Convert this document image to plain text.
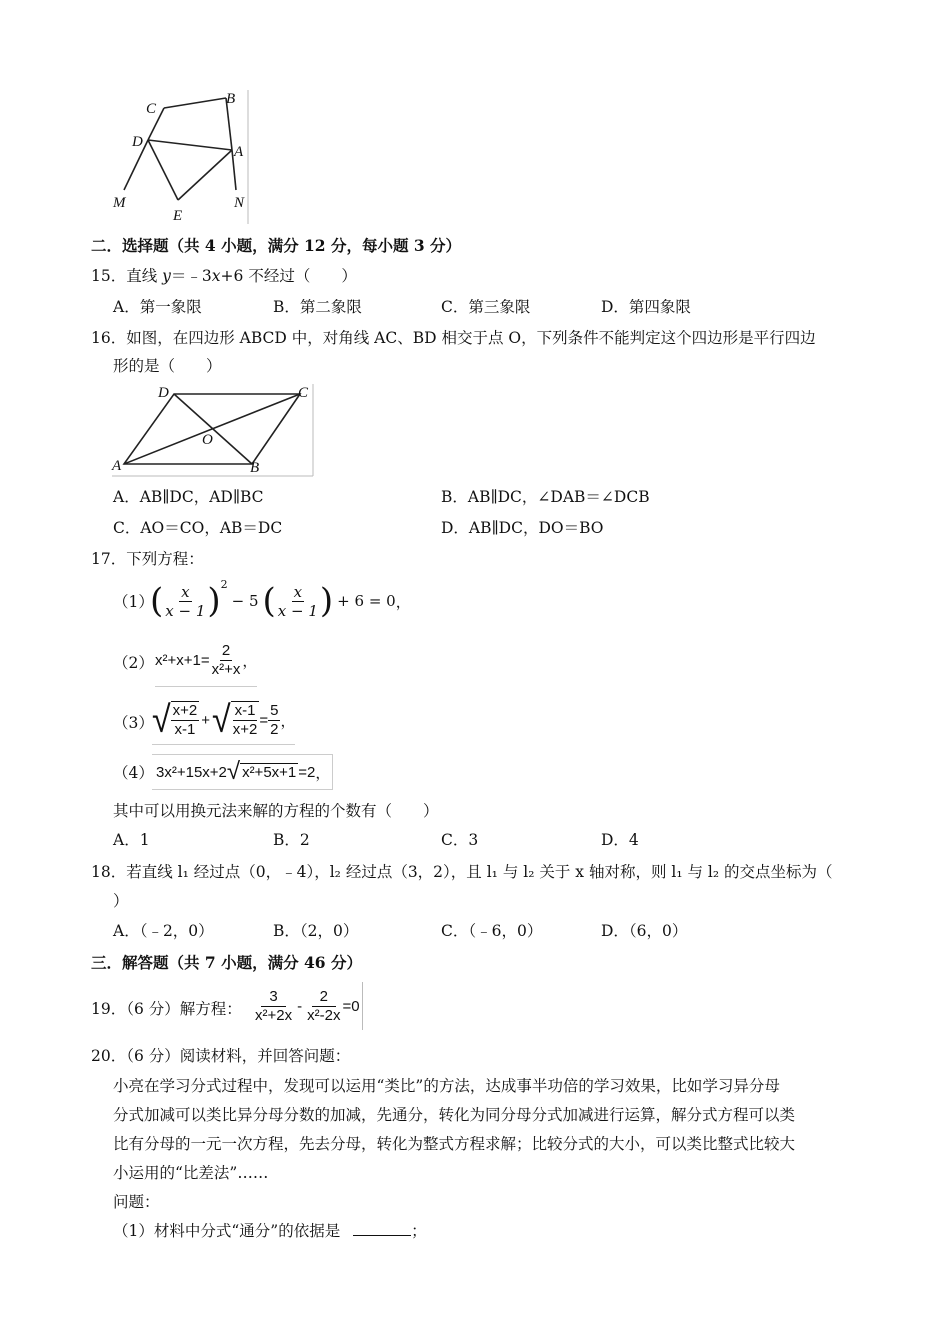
C
B
D
A
M
E
N
二．选择题（共 4 小题，满分 12 分，每小题 3 分）
15．直线 y＝﹣3x+6 不经过（　　）
A．第一象限	B．第二象限	C．第三象限	D．第四象限
16．如图，在四边形 ABCD 中，对角线 AC、BD 相交于点 O，下列条件不能判定这个四边形是平行四边
形的是（　　）
D	C
O
A	B
A．AB∥DC，AD∥BC	B．AB∥DC，∠DAB＝∠DCB
C．AO＝CO，AB＝DC	D．AB∥DC，DO＝BO
17．下列方程：
（1）
( $\frac{x}{x - 1}$ ) 2
− 5 ( $\frac{x}{x - 1}$ ) + 6 = 0 ，
（2） $x^2+x+1= \frac{2}{\text{x²+x}}$ ，
（3）
√ $\frac{x+2}{x-1}$ + √ $\frac{x-1}{x+2} = \frac{5}{2}$ ，
（4） 3x²+15x+2 √ x²+5x+1 =2 ，
其中可以用换元法来解的方程的个数有（　　）
A．1	B．2	C．3	D．4
18．若直线 l₁ 经过点（0，﹣4），l₂ 经过点（3，2），且 l₁ 与 l₂ 关于 x 轴对称，则 l₁ 与 l₂ 的交点坐标为（
）
A．（﹣2，0）	B．（2，0）	C．（﹣6，0）	D．（6，0）
三．解答题（共 7 小题，满分 46 分）
19．（6 分）解方程： $\frac{3}{\text{x²+2x}} - \frac{2}{\text{x²-2x}} =0$
20．（6 分）阅读材料，并回答问题：
小亮在学习分式过程中，发现可以运用“类比”的方法，达成事半功倍的学习效果，比如学习异分母
分式加减可以类比异分母分数的加减，先通分，转化为同分母分式加减进行运算，解分式方程可以类
比有分母的一元一次方程，先去分母，转化为整式方程求解；比较分式的大小，可以类比整式比较大
小运用的“比差法”……
问题：
（1）材料中分式“通分”的依据是	；
